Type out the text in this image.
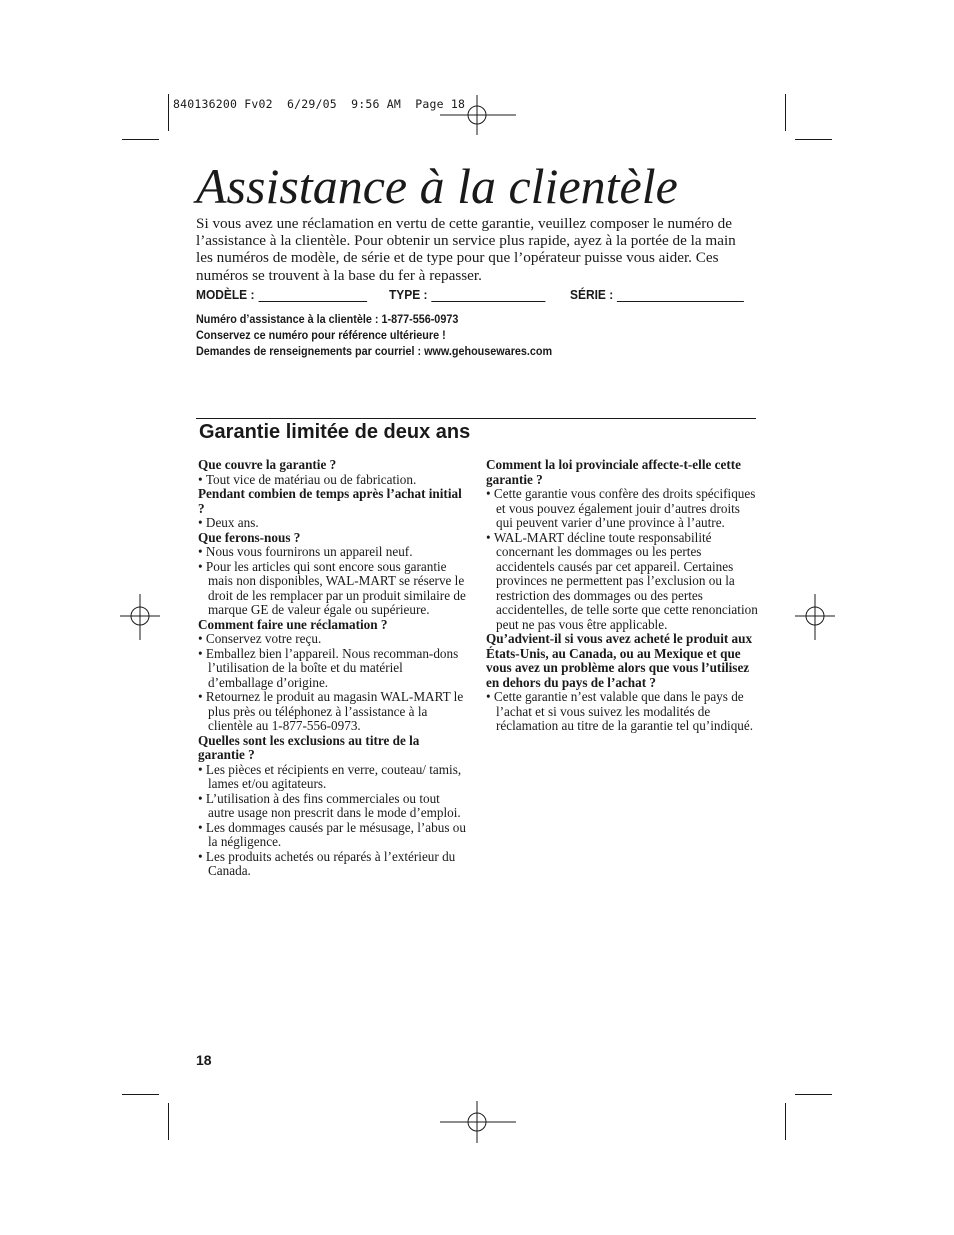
840136200 Fv02  6/29/05  9:56 AM  Page 18
Assistance à la clientèle

Si vous avez une réclamation en vertu de cette garantie, veuillez composer le numéro de l’assistance à la clientèle. Pour obtenir un service plus rapide, ayez à la portée de la main les numéros de modèle, de série et de type pour que l’opérateur puisse vous aider. Ces numéros se trouvent à la base du fer à repasser.

MODÈLE :	TYPE :	SÉRIE :
Numéro d’assistance à la clientèle : 1-877-556-0973
Conservez ce numéro pour référence ultérieure !
Demandes de renseignements par courriel : www.gehousewares.com
Garantie limitée de deux ans

Que couvre la garantie ?

• Tout vice de matériau ou de fabrication.

Pendant combien de temps après l’achat initial ?

• Deux ans.

Que ferons-nous ?

• Nous vous fournirons un appareil neuf.
• Pour les articles qui sont encore sous garantie mais non disponibles, WAL-MART se réserve le droit de les remplacer par un produit similaire de marque GE de valeur égale ou supérieure.

Comment faire une réclamation ?

• Conservez votre reçu.
• Emballez bien l’appareil. Nous recomman-dons l’utilisation de la boîte et du matériel d’emballage d’origine.
• Retournez le produit au magasin WAL-MART le plus près ou téléphonez à l’assistance à la clientèle au 1-877-556-0973.

Quelles sont les exclusions au titre de la garantie ?

• Les pièces et récipients en verre, couteau/ tamis, lames et/ou agitateurs.
• L’utilisation à des fins commerciales ou tout autre usage non prescrit dans le mode d’emploi.
• Les dommages causés par le mésusage, l’abus ou la négligence.
• Les produits achetés ou réparés à l’extérieur du Canada.

Comment la loi provinciale affecte-t-elle cette garantie ?

• Cette garantie vous confère des droits spécifiques et vous pouvez également jouir d’autres droits qui peuvent varier d’une province à l’autre.
• WAL-MART décline toute responsabilité concernant les dommages ou les pertes accidentels causés par cet appareil. Certaines provinces ne permettent pas l’exclusion ou la restriction des dommages ou des pertes accidentelles, de telle sorte que cette renonciation peut ne pas vous être applicable.

Qu’advient-il si vous avez acheté le produit aux États-Unis, au Canada, ou au Mexique et que vous avez un problème alors que vous l’utilisez en dehors du pays de l’achat ?

• Cette garantie n’est valable que dans le pays de l’achat et si vous suivez les modalités de réclamation au titre de la garantie tel qu’indiqué.
18
